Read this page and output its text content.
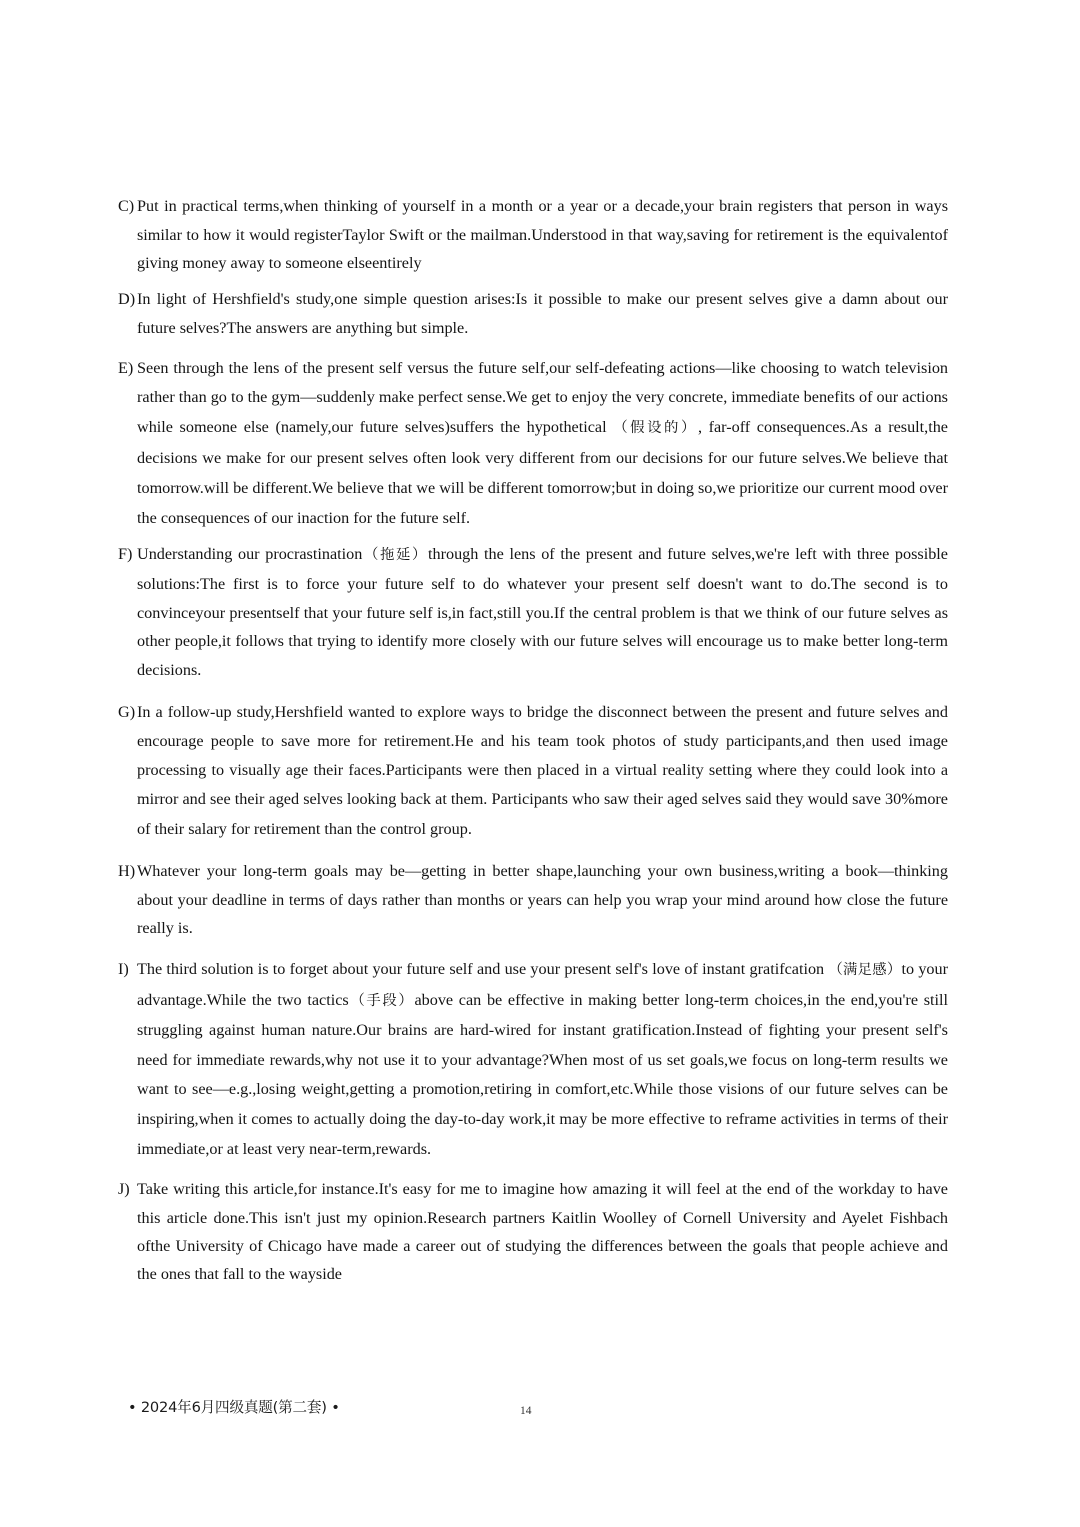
C) Put in practical terms,when thinking of yourself in a month or a year or a decade,your brain registers that person in ways similar to how it would registerTaylor Swift or the mailman.Understood in that way,saving for retirement is the equivalentof giving money away to someone elseentirely
D) In light of Hershfield's study,one simple question arises:Is it possible to make our present selves give a damn about our future selves?The answers are anything but simple.
E) Seen through the lens of the present self versus the future self,our self-defeating actions—like choosing to watch television rather than go to the gym—suddenly make perfect sense.We get to enjoy the very concrete, immediate benefits of our actions while someone else (namely,our future selves)suffers the hypothetical （假设的）, far-off consequences.As a result,the decisions we make for our present selves often look very different from our decisions for our future selves.We believe that tomorrow.will be different.We believe that we will be different tomorrow;but in doing so,we prioritize our current mood over the consequences of our inaction for the future self.
F) Understanding our procrastination（拖延）through the lens of the present and future selves,we're left with three possible solutions:The first is to force your future self to do whatever your present self doesn't want to do.The second is to convinceyour presentself that your future self is,in fact,still you.If the central problem is that we think of our future selves as other people,it follows that trying to identify more closely with our future selves will encourage us to make better long-term decisions.
G) In a follow-up study,Hershfield wanted to explore ways to bridge the disconnect between the present and future selves and encourage people to save more for retirement.He and his team took photos of study participants,and then used image processing to visually age their faces.Participants were then placed in a virtual reality setting where they could look into a mirror and see their aged selves looking back at them. Participants who saw their aged selves said they would save 30%more of their salary for retirement than the control group.
H) Whatever your long-term goals may be—getting in better shape,launching your own business,writing a book—thinking about your deadline in terms of days rather than months or years can help you wrap your mind around how close the future really is.
I) The third solution is to forget about your future self and use your present self's love of instant gratifcation （满足感）to your advantage.While the two tactics（手段）above can be effective in making better long-term choices,in the end,you're still struggling against human nature.Our brains are hard-wired for instant gratification.Instead of fighting your present self's need for immediate rewards,why not use it to your advantage?When most of us set goals,we focus on long-term results we want to see—e.g.,losing weight,getting a promotion,retiring in comfort,etc.While those visions of our future selves can be inspiring,when it comes to actually doing the day-to-day work,it may be more effective to reframe activities in terms of their immediate,or at least very near-term,rewards.
J) Take writing this article,for instance.It's easy for me to imagine how amazing it will feel at the end of the workday to have this article done.This isn't just my opinion.Research partners Kaitlin Woolley of Cornell University and Ayelet Fishbach ofthe University of Chicago have made a career out of studying the differences between the goals that people achieve and the ones that fall to the wayside
• 2024年6月四级真题(第二套) •	14
